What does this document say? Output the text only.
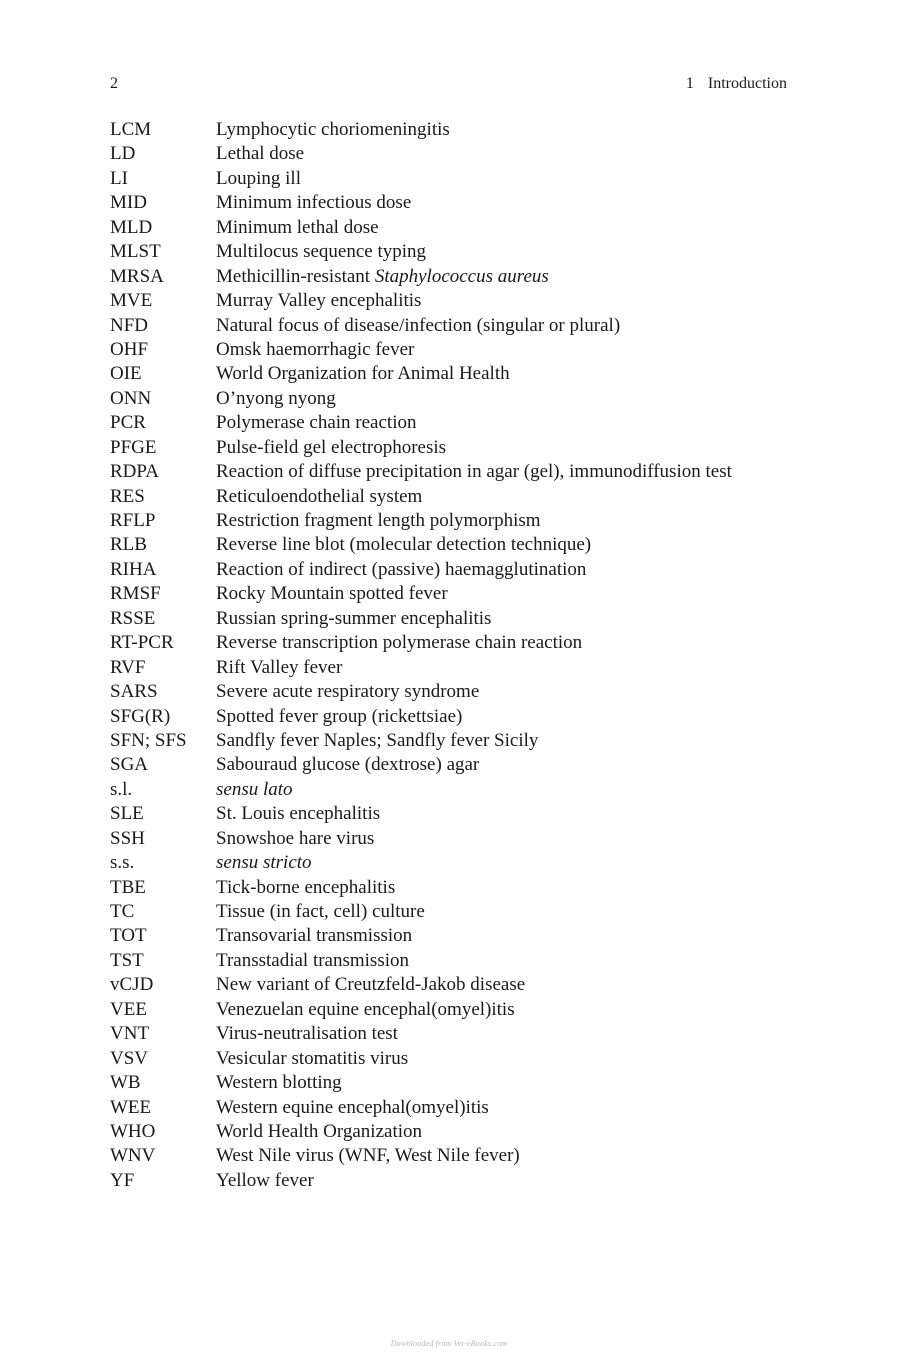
2	1 Introduction
LCM	Lymphocytic choriomeningitis
LD	Lethal dose
LI	Louping ill
MID	Minimum infectious dose
MLD	Minimum lethal dose
MLST	Multilocus sequence typing
MRSA	Methicillin-resistant Staphylococcus aureus
MVE	Murray Valley encephalitis
NFD	Natural focus of disease/infection (singular or plural)
OHF	Omsk haemorrhagic fever
OIE	World Organization for Animal Health
ONN	O’nyong nyong
PCR	Polymerase chain reaction
PFGE	Pulse-field gel electrophoresis
RDPA	Reaction of diffuse precipitation in agar (gel), immunodiffusion test
RES	Reticuloendothelial system
RFLP	Restriction fragment length polymorphism
RLB	Reverse line blot (molecular detection technique)
RIHA	Reaction of indirect (passive) haemagglutination
RMSF	Rocky Mountain spotted fever
RSSE	Russian spring-summer encephalitis
RT-PCR	Reverse transcription polymerase chain reaction
RVF	Rift Valley fever
SARS	Severe acute respiratory syndrome
SFG(R)	Spotted fever group (rickettsiae)
SFN; SFS	Sandfly fever Naples; Sandfly fever Sicily
SGA	Sabouraud glucose (dextrose) agar
s.l.	sensu lato
SLE	St. Louis encephalitis
SSH	Snowshoe hare virus
s.s.	sensu stricto
TBE	Tick-borne encephalitis
TC	Tissue (in fact, cell) culture
TOT	Transovarial transmission
TST	Transstadial transmission
vCJD	New variant of Creutzfeld-Jakob disease
VEE	Venezuelan equine encephal(omyel)itis
VNT	Virus-neutralisation test
VSV	Vesicular stomatitis virus
WB	Western blotting
WEE	Western equine encephal(omyel)itis
WHO	World Health Organization
WNV	West Nile virus (WNF, West Nile fever)
YF	Yellow fever
Downloaded from Vet-eBooks.com
